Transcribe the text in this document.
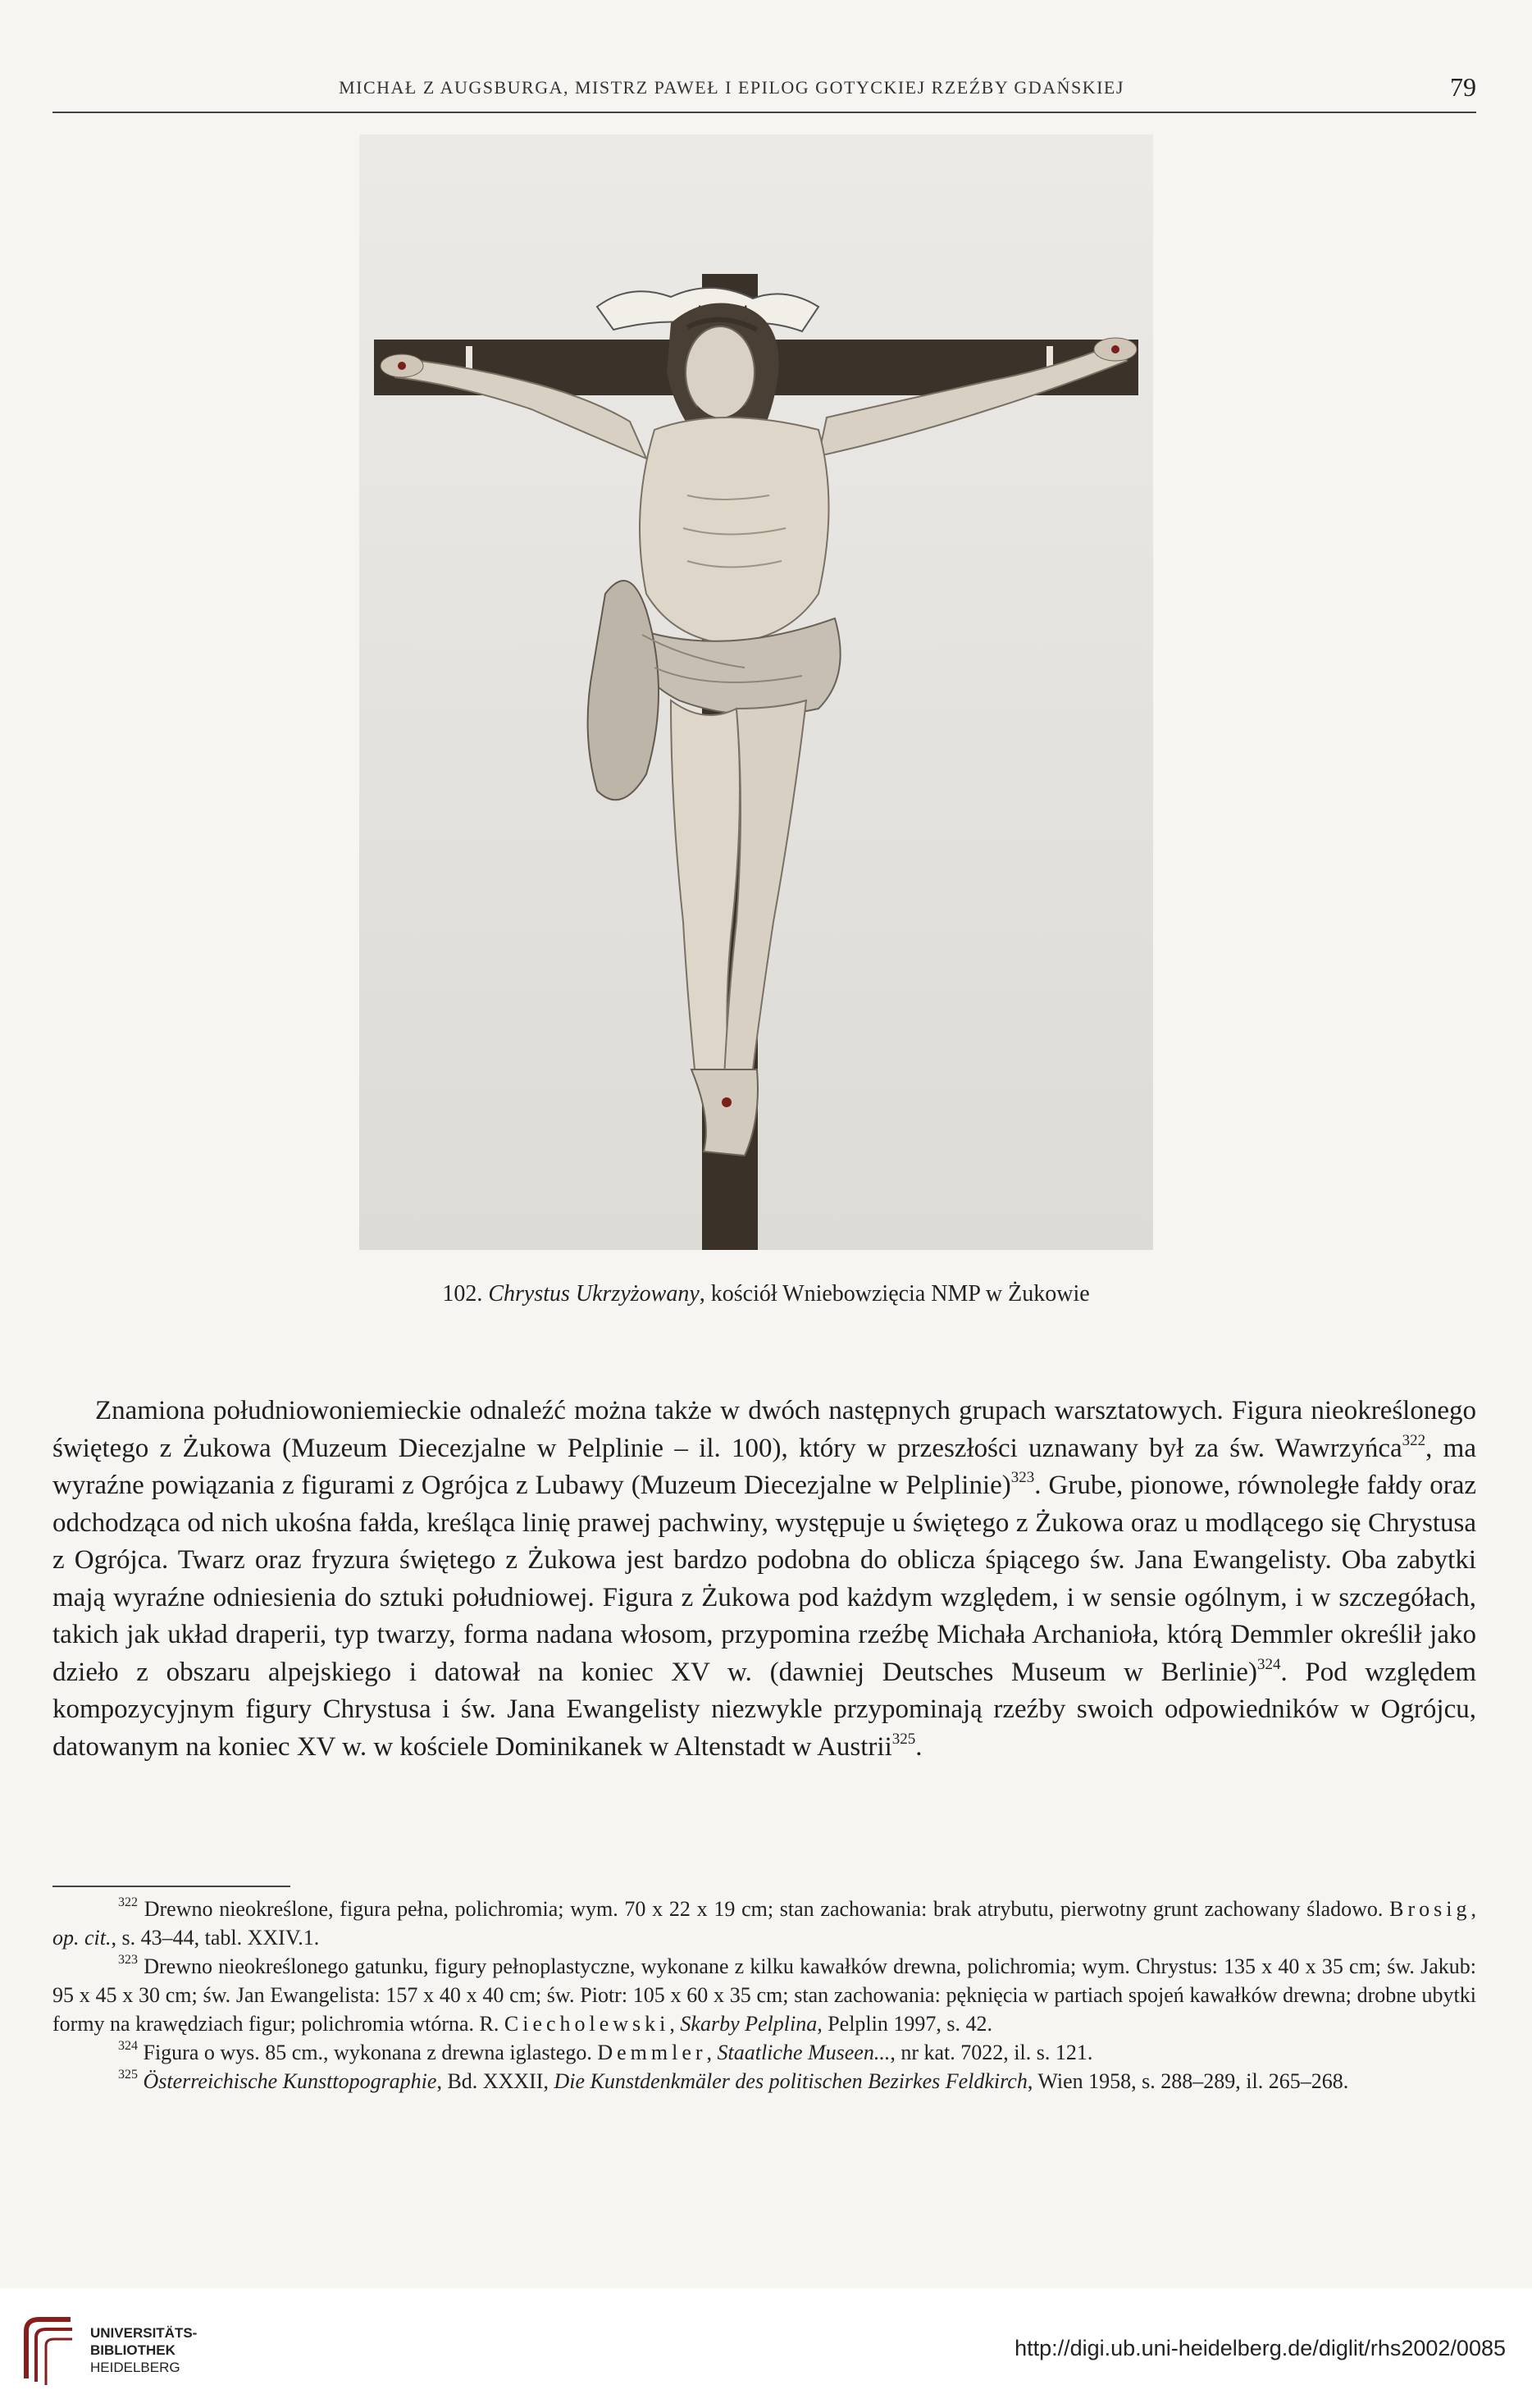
MICHAŁ Z AUGSBURGA, MISTRZ PAWEŁ I EPILOG GOTYCKIEJ RZEŹBY GDAŃSKIEJ	79
102. Chrystus Ukrzyżowany, kościół Wniebowzięcia NMP w Żukowie

Znamiona południowoniemieckie odnaleźć można także w dwóch następnych grupach warsztatowych. Figura nieokreślonego świętego z Żukowa (Muzeum Diecezjalne w Pelplinie – il. 100), który w przeszłości uznawany był za św. Wawrzyńca$^{322}$, ma wyraźne powiązania z figurami z Ogrójca z Lubawy (Muzeum Diecezjalne w Pelplinie)$^{323}$. Grube, pionowe, równoległe fałdy oraz odchodząca od nich ukośna fałda, kreśląca linię prawej pachwiny, występuje u świętego z Żukowa oraz u modlącego się Chrystusa z Ogrójca. Twarz oraz fryzura świętego z Żukowa jest bardzo podobna do oblicza śpiącego św. Jana Ewangelisty. Oba zabytki mają wyraźne odniesienia do sztuki południowej. Figura z Żukowa pod każdym względem, i w sensie ogólnym, i w szczegółach, takich jak układ draperii, typ twarzy, forma nadana włosom, przypomina rzeźbę Michała Archanioła, którą Demmler określił jako dzieło z obszaru alpejskiego i datował na koniec XV w. (dawniej Deutsches Museum w Berlinie)$^{324}$. Pod względem kompozycyjnym figury Chrystusa i św. Jana Ewangelisty niezwykle przypominają rzeźby swoich odpowiedników w Ogrójcu, datowanym na koniec XV w. w kościele Dominikanek w Altenstadt w Austrii$^{325}$.

$^{322}$ Drewno nieokreślone, figura pełna, polichromia; wym. 70 x 22 x 19 cm; stan zachowania: brak atrybutu, pierwotny grunt zachowany śladowo. Brosig, op. cit., s. 43–44, tabl. XXIV.1.

$^{323}$ Drewno nieokreślonego gatunku, figury pełnoplastyczne, wykonane z kilku kawałków drewna, polichromia; wym. Chrystus: 135 x 40 x 35 cm; św. Jakub: 95 x 45 x 30 cm; św. Jan Ewangelista: 157 x 40 x 40 cm; św. Piotr: 105 x 60 x 35 cm; stan zachowania: pęknięcia w partiach spojeń kawałków drewna; drobne ubytki formy na krawędziach figur; polichromia wtórna. R. Ciecholewski, Skarby Pelplina, Pelplin 1997, s. 42.

$^{324}$ Figura o wys. 85 cm., wykonana z drewna iglastego. Demmler, Staatliche Museen..., nr kat. 7022, il. s. 121.

$^{325}$ Österreichische Kunsttopographie, Bd. XXXII, Die Kunstdenkmäler des politischen Bezirkes Feldkirch, Wien 1958, s. 288–289, il. 265–268.

UNIVERSITÄTS-
BIBLIOTHEK
HEIDELBERG
http://digi.ub.uni-heidelberg.de/diglit/rhs2002/0085
